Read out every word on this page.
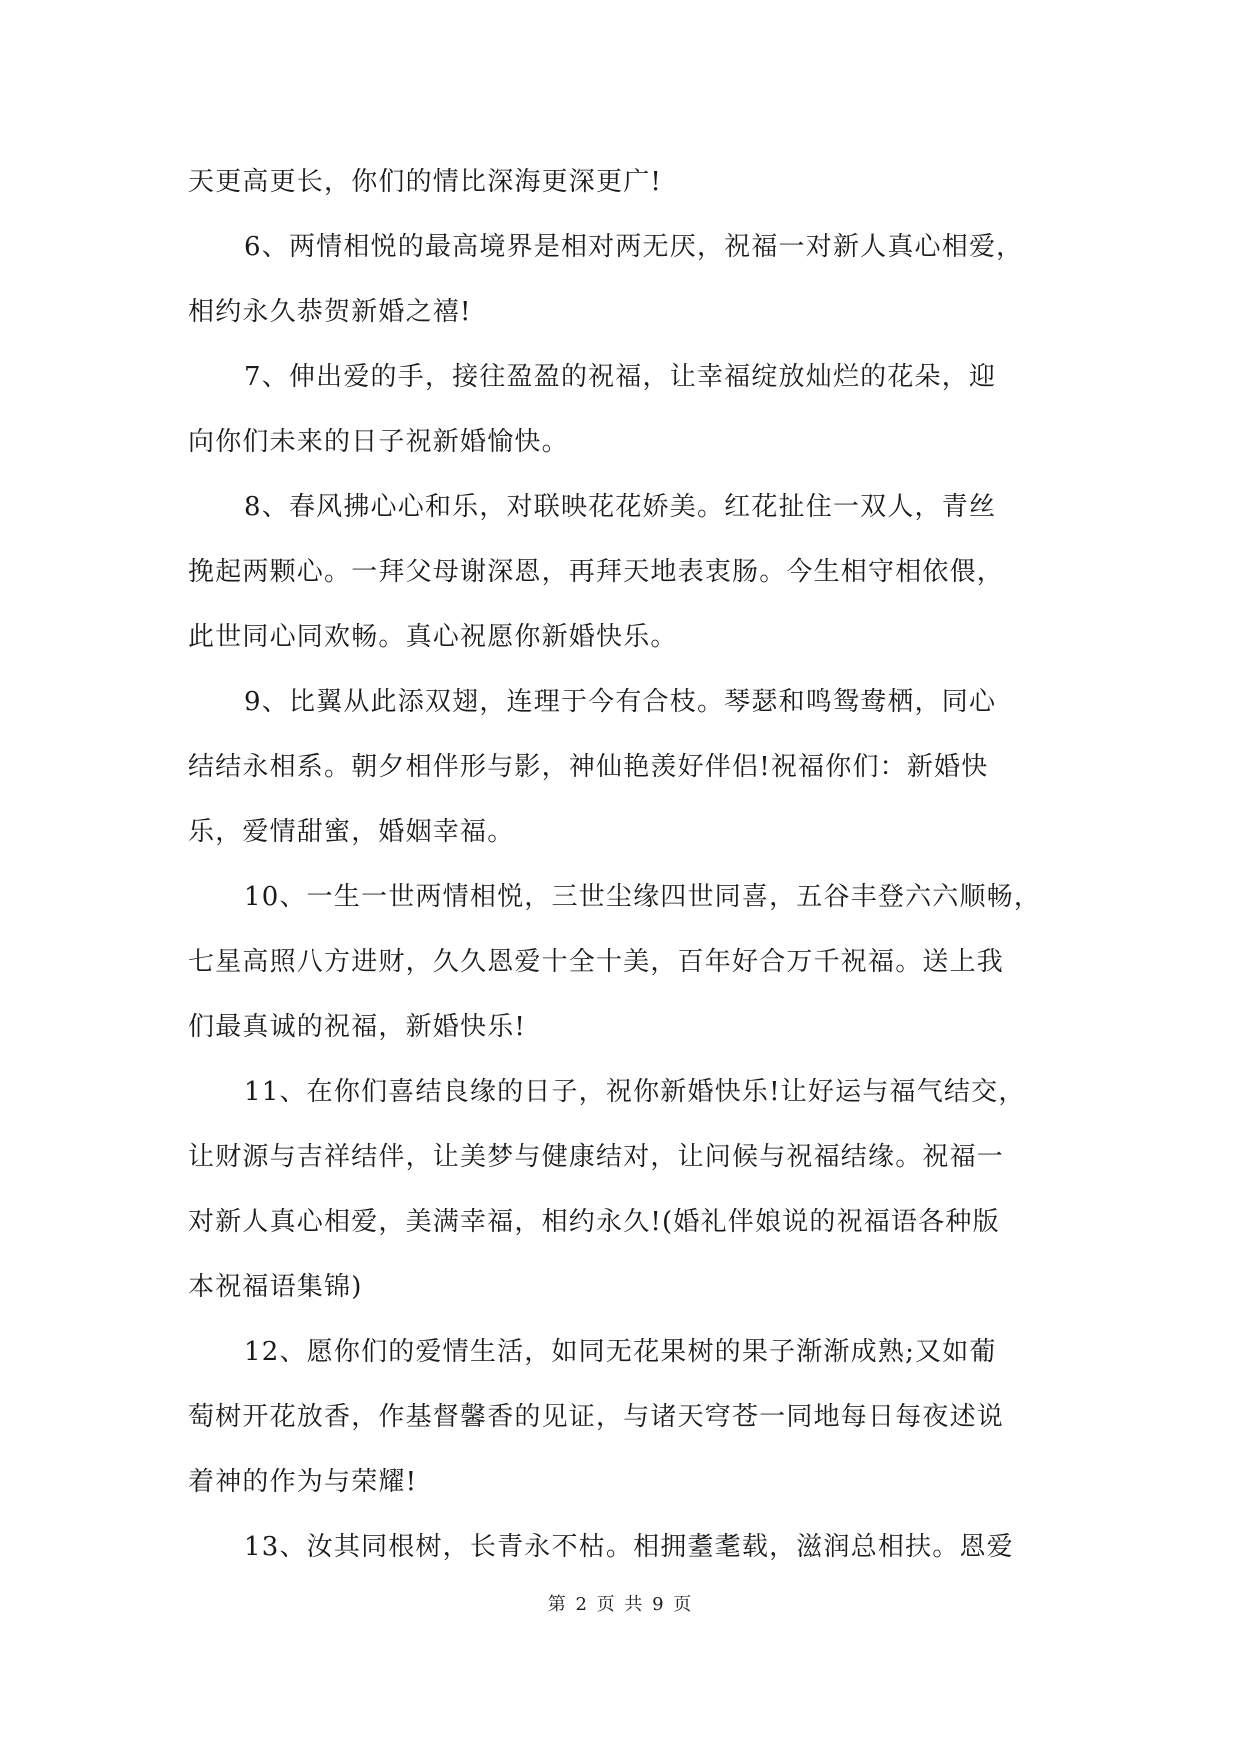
天更高更长，你们的情比深海更深更广!
6、两情相悦的最高境界是相对两无厌，祝福一对新人真心相爱，
相约永久恭贺新婚之禧!
7、伸出爱的手，接往盈盈的祝福，让幸福绽放灿烂的花朵，迎
向你们未来的日子祝新婚愉快。
8、春风拂心心和乐，对联映花花娇美。红花扯住一双人，青丝
挽起两颗心。一拜父母谢深恩，再拜天地表衷肠。今生相守相依偎，
此世同心同欢畅。真心祝愿你新婚快乐。
9、比翼从此添双翅，连理于今有合枝。琴瑟和鸣鸳鸯栖，同心
结结永相系。朝夕相伴形与影，神仙艳羡好伴侣!祝福你们：新婚快
乐，爱情甜蜜，婚姻幸福。
10、一生一世两情相悦，三世尘缘四世同喜，五谷丰登六六顺畅，
七星高照八方进财，久久恩爱十全十美，百年好合万千祝福。送上我
们最真诚的祝福，新婚快乐!
11、在你们喜结良缘的日子，祝你新婚快乐!让好运与福气结交，
让财源与吉祥结伴，让美梦与健康结对，让问候与祝福结缘。祝福一
对新人真心相爱，美满幸福，相约永久!(婚礼伴娘说的祝福语各种版
本祝福语集锦)
12、愿你们的爱情生活，如同无花果树的果子渐渐成熟;又如葡
萄树开花放香，作基督馨香的见证，与诸天穹苍一同地每日每夜述说
着神的作为与荣耀!
13、汝其同根树，长青永不枯。相拥耋耄载，滋润总相扶。恩爱
第 2 页 共 9 页
